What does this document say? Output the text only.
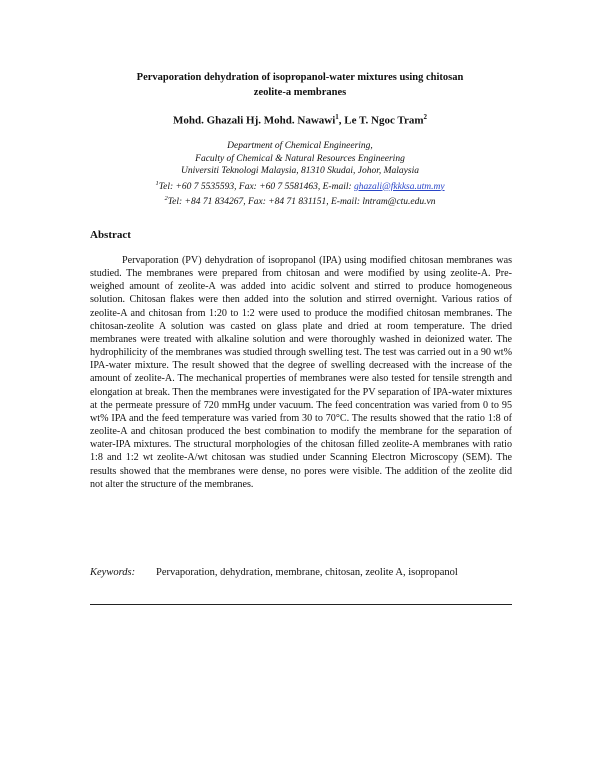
Pervaporation dehydration of isopropanol-water mixtures using chitosan
zeolite-a membranes
Mohd. Ghazali Hj. Mohd. Nawawi$^1$, Le T. Ngoc Tram$^2$
Department of Chemical Engineering,
Faculty of Chemical & Natural Resources Engineering
Universiti Teknologi Malaysia, 81310 Skudai, Johor, Malaysia
$^1$Tel: +60 7 5535593, Fax: +60 7 5581463, E-mail: ghazali@fkkksa.utm.my
$^2$Tel: +84 71 834267, Fax: +84 71 831151, E-mail: lntram@ctu.edu.vn
Abstract
Pervaporation (PV) dehydration of isopropanol (IPA) using modified chitosan membranes was studied. The membranes were prepared from chitosan and were modified by using zeolite-A. Pre-weighed amount of zeolite-A was added into acidic solvent and stirred to produce homogeneous solution. Chitosan flakes were then added into the solution and stirred overnight. Various ratios of zeolite-A and chitosan from 1:20 to 1:2 were used to produce the modified chitosan membranes. The chitosan-zeolite A solution was casted on glass plate and dried at room temperature. The dried membranes were treated with alkaline solution and were thoroughly washed in deionized water. The hydrophilicity of the membranes was studied through swelling test. The test was carried out in a 90 wt% IPA-water mixture. The result showed that the degree of swelling decreased with the increase of the amount of zeolite-A. The mechanical properties of membranes were also tested for tensile strength and elongation at break. Then the membranes were investigated for the PV separation of IPA-water mixtures at the permeate pressure of 720 mmHg under vacuum. The feed concentration was varied from 0 to 95 wt% IPA and the feed temperature was varied from 30 to 70°C. The results showed that the ratio 1:8 of zeolite-A and chitosan produced the best combination to modify the membrane for the separation of water-IPA mixtures. The structural morphologies of the chitosan filled zeolite-A membranes with ratio 1:8 and 1:2 wt zeolite-A/wt chitosan was studied under Scanning Electron Microscopy (SEM). The results showed that the membranes were dense, no pores were visible. The addition of the zeolite did not alter the structure of the membranes.
Keywords: Pervaporation, dehydration, membrane, chitosan, zeolite A, isopropanol
